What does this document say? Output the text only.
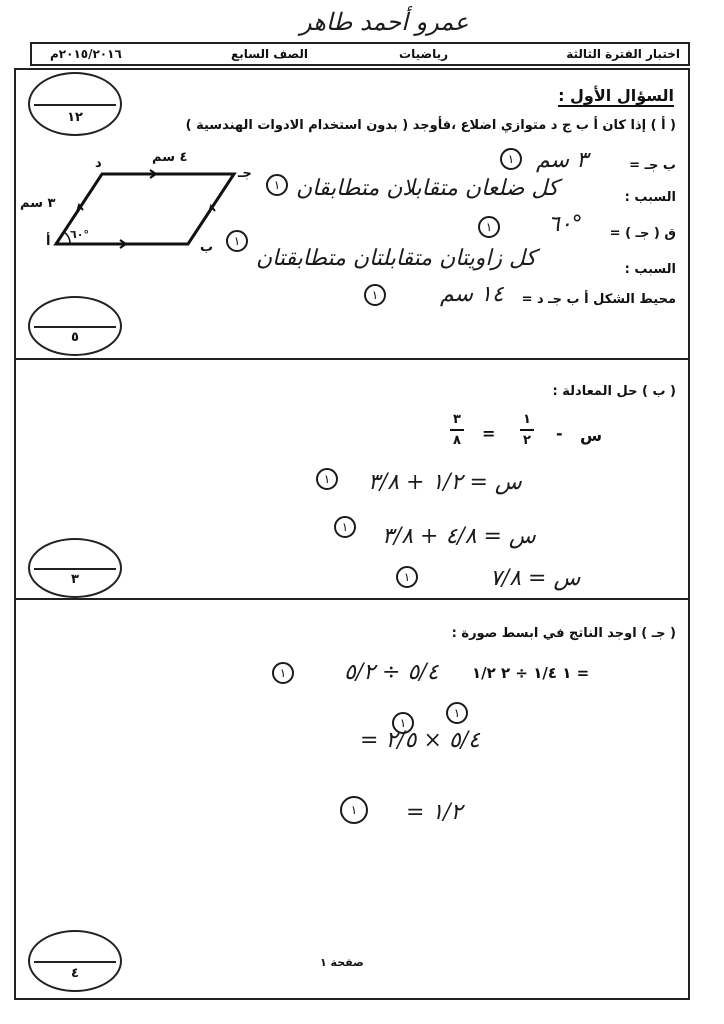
عمرو أحمد طاهر
اختبار الفترة الثالثة
رياضيات
الصف السابع
٢٠١٥/٢٠١٦م
١٢
٥
٣
٤
السؤال الأول :
( أ ) إذا كان أ ب ج د متوازي اضلاع ،فأوجد ( بدون استخدام الادوات الهندسية )
د
جـ
أ	ب
٤ سم
٣ سم
٦٠°
ب جـ =
٣ سم
١
السبب :
كل ضلعان متقابلان متطابقان
١
ق ( جـ ) =
٦٠°
١
السبب :
كل زاويتان متقابلتان متطابقتان
١
محيط الشكل أ ب جـ د =
١٤ سم
١
( ب ) حل المعادلة :
س
-
١
٢
=
٣
٨
س = ١/٢ + ٣/٨
١
س = ٤/٨ + ٣/٨
١
س = ٧/٨
١
( جـ ) اوجد الناتج في ابسط صورة :
١ ١/٤ ÷ ٢ ١/٢ =
١	٥/٤ ÷ ٥/٢
= ٥/٤ × ٢/٥
١
١
= ١/٢
١
صفحة ١
